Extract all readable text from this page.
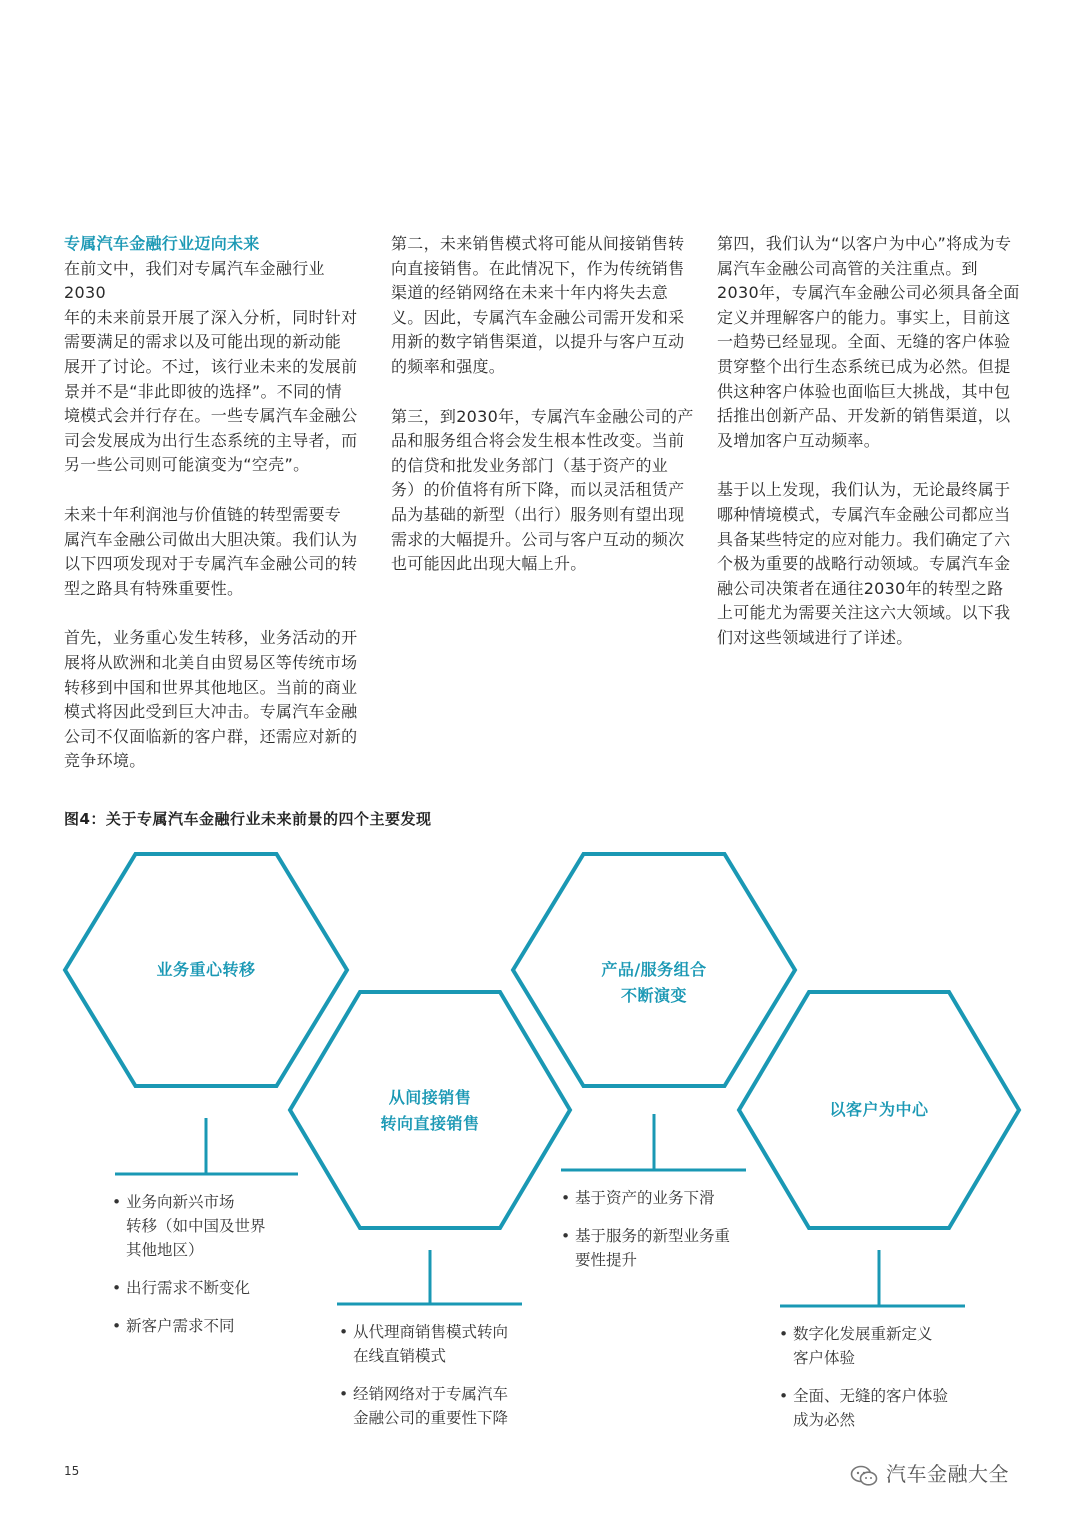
专属汽车金融行业迈向未来

在前文中，我们对专属汽车金融行业2030
年的未来前景开展了深入分析，同时针对
需要满足的需求以及可能出现的新动能
展开了讨论。不过，该行业未来的发展前
景并不是“非此即彼的选择”。不同的情
境模式会并行存在。一些专属汽车金融公
司会发展成为出行生态系统的主导者，而
另一些公司则可能演变为“空壳”。

未来十年利润池与价值链的转型需要专
属汽车金融公司做出大胆决策。我们认为
以下四项发现对于专属汽车金融公司的转
型之路具有特殊重要性。

首先，业务重心发生转移，业务活动的开
展将从欧洲和北美自由贸易区等传统市场
转移到中国和世界其他地区。当前的商业
模式将因此受到巨大冲击。专属汽车金融
公司不仅面临新的客户群，还需应对新的
竞争环境。

第二，未来销售模式将可能从间接销售转
向直接销售。在此情况下，作为传统销售
渠道的经销网络在未来十年内将失去意
义。因此，专属汽车金融公司需开发和采
用新的数字销售渠道，以提升与客户互动
的频率和强度。

第三，到2030年，专属汽车金融公司的产
品和服务组合将会发生根本性改变。当前
的信贷和批发业务部门（基于资产的业
务）的价值将有所下降，而以灵活租赁产
品为基础的新型（出行）服务则有望出现
需求的大幅提升。公司与客户互动的频次
也可能因此出现大幅上升。

第四，我们认为“以客户为中心”将成为专
属汽车金融公司高管的关注重点。到
2030年，专属汽车金融公司必须具备全面
定义并理解客户的能力。事实上，目前这
一趋势已经显现。全面、无缝的客户体验
贯穿整个出行生态系统已成为必然。但提
供这种客户体验也面临巨大挑战，其中包
括推出创新产品、开发新的销售渠道，以
及增加客户互动频率。

基于以上发现，我们认为，无论最终属于
哪种情境模式，专属汽车金融公司都应当
具备某些特定的应对能力。我们确定了六
个极为重要的战略行动领域。专属汽车金
融公司决策者在通往2030年的转型之路
上可能尤为需要关注这六大领域。以下我
们对这些领域进行了详述。

图4：关于专属汽车金融行业未来前景的四个主要发现
业务重心转移
从间接销售
转向直接销售
产品/服务组合
不断演变
以客户为中心
• 业务向新兴市场
转移（如中国及世界
其他地区）
• 出行需求不断变化
• 新客户需求不同
•	从代理商销售模式转向
在线直销模式
• 经销网络对于专属汽车
金融公司的重要性下降
• 基于资产的业务下滑
• 基于服务的新型业务重
要性提升
• 数字化发展重新定义
客户体验
• 全面、无缝的客户体验
成为必然
15	汽车金融大全
